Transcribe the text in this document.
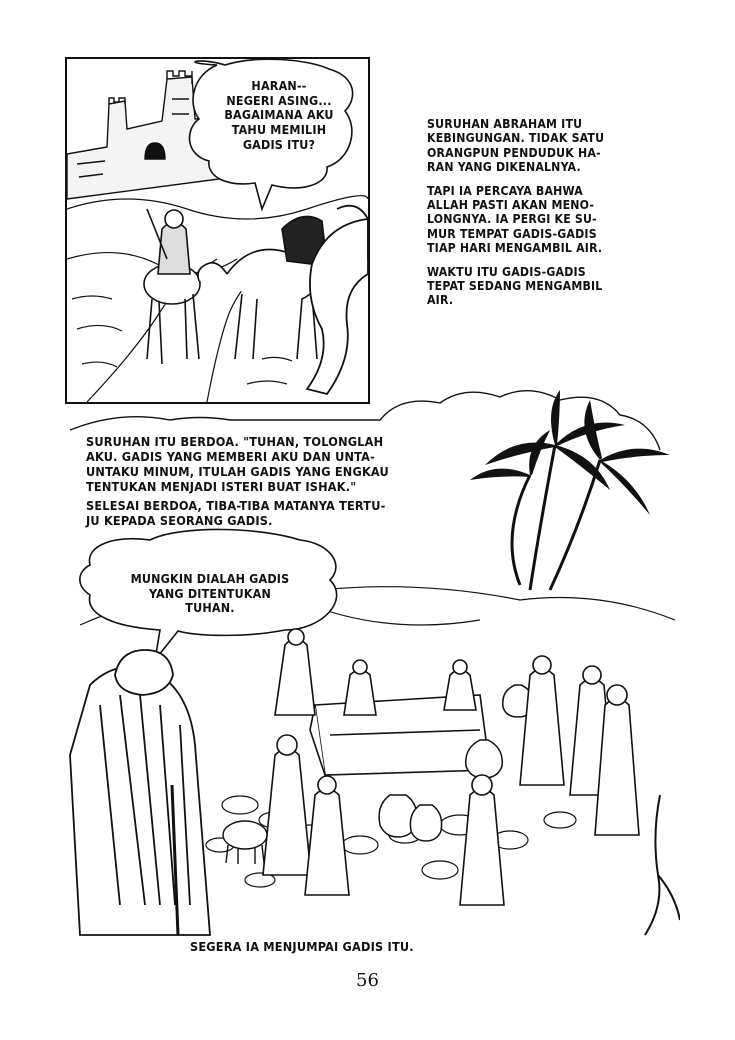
HARAN--
NEGERI ASING...
BAGAIMANA AKU
TAHU MEMILIH
GADIS ITU?
SURUHAN ABRAHAM ITU
KEBINGUNGAN. TIDAK SATU
ORANGPUN PENDUDUK HA-
RAN YANG DIKENALNYA.
TAPI IA PERCAYA BAHWA
ALLAH PASTI AKAN MENO-
LONGNYA. IA PERGI KE SU-
MUR TEMPAT GADIS-GADIS
TIAP HARI MENGAMBIL AIR.
WAKTU ITU GADIS-GADIS
TEPAT SEDANG MENGAMBIL
AIR.
SURUHAN ITU BERDOA. "TUHAN, TOLONGLAH
AKU. GADIS YANG MEMBERI AKU DAN UNTA-
UNTAKU MINUM, ITULAH GADIS YANG ENGKAU
TENTUKAN MENJADI ISTERI BUAT ISHAK."
SELESAI BERDOA, TIBA-TIBA MATANYA TERTU-
JU KEPADA SEORANG GADIS.
MUNGKIN DIALAH GADIS
YANG DITENTUKAN
TUHAN.
SEGERA IA MENJUMPAI GADIS ITU.
56
